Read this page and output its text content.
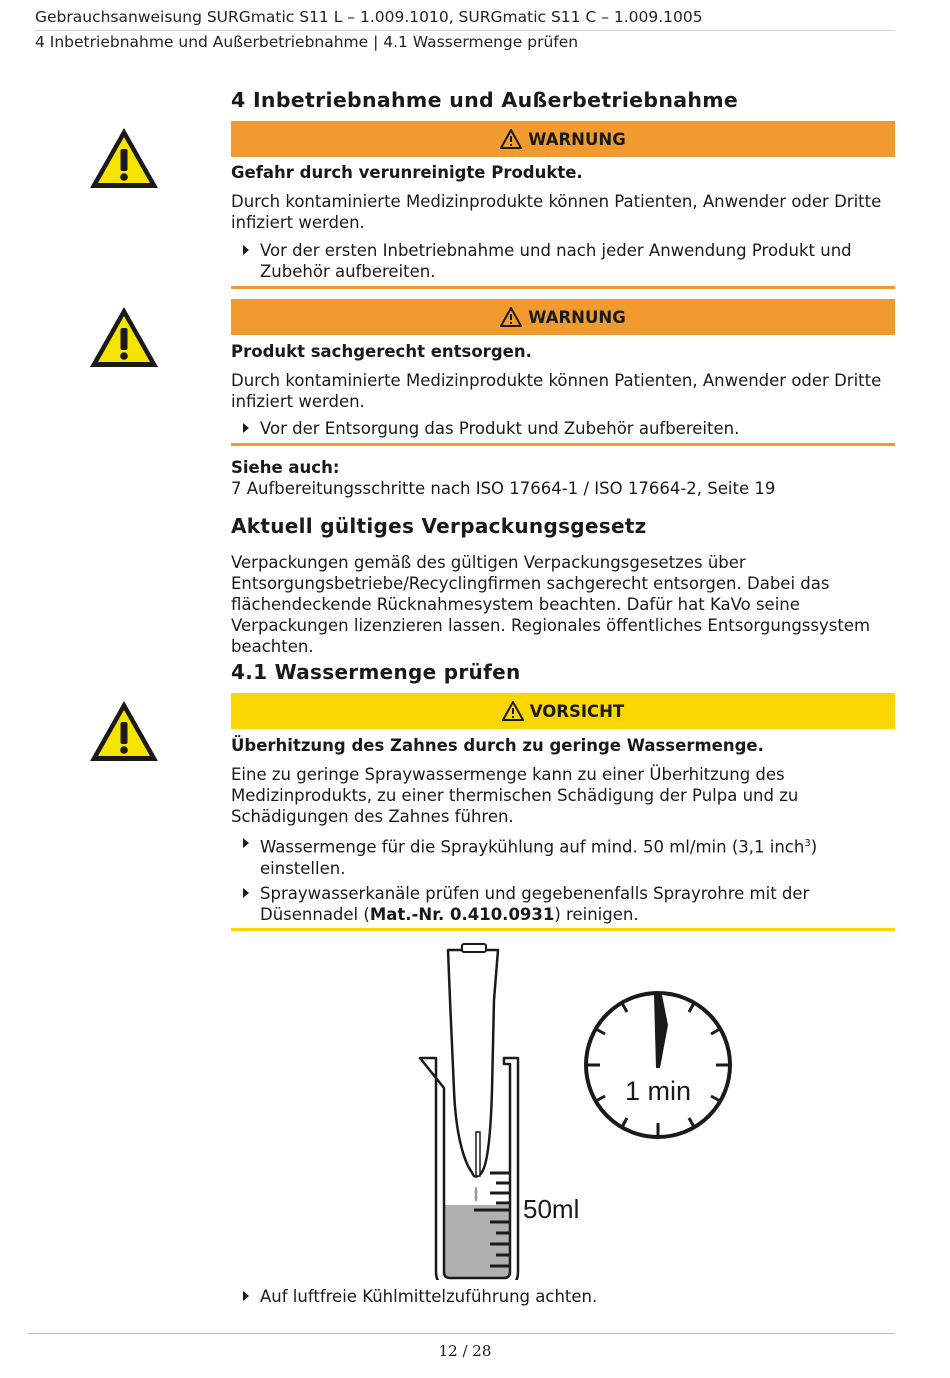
Gebrauchsanweisung SURGmatic S11 L – 1.009.1010, SURGmatic S11 C – 1.009.1005
4 Inbetriebnahme und Außerbetriebnahme | 4.1 Wassermenge prüfen
4 Inbetriebnahme und Außerbetriebnahme
WARNUNG

Gefahr durch verunreinigte Produkte.

Durch kontaminierte Medizinprodukte können Patienten, Anwender oder Dritte infiziert werden.

Vor der ersten Inbetriebnahme und nach jeder Anwendung Produkt und Zubehör aufbereiten.
WARNUNG

Produkt sachgerecht entsorgen.

Durch kontaminierte Medizinprodukte können Patienten, Anwender oder Dritte infiziert werden.

Vor der Entsorgung das Produkt und Zubehör aufbereiten.

Siehe auch:

7 Aufbereitungsschritte nach ISO 17664-1 / ISO 17664-2, Seite 19

Aktuell gültiges Verpackungsgesetz

Verpackungen gemäß des gültigen Verpackungsgesetzes über Entsorgungsbetriebe/Recyclingfirmen sachgerecht entsorgen. Dabei das flächendeckende Rücknahmesystem beachten. Dafür hat KaVo seine Verpackungen lizenzieren lassen. Regionales öffentliches Entsorgungssystem beachten.

4.1 Wassermenge prüfen
VORSICHT

Überhitzung des Zahnes durch zu geringe Wassermenge.

Eine zu geringe Spraywassermenge kann zu einer Überhitzung des Medizinprodukts, zu einer thermischen Schädigung der Pulpa und zu Schädigungen des Zahnes führen.

Wassermenge für die Spraykühlung auf mind. 50 ml/min (3,1 inch$^3$) einstellen.
Spraywasserkanäle prüfen und gegebenenfalls Sprayrohre mit der Düsennadel (Mat.-Nr. 0.410.0931) reinigen.
50ml
1 min
Auf luftfreie Kühlmittelzuführung achten.
12 / 28
